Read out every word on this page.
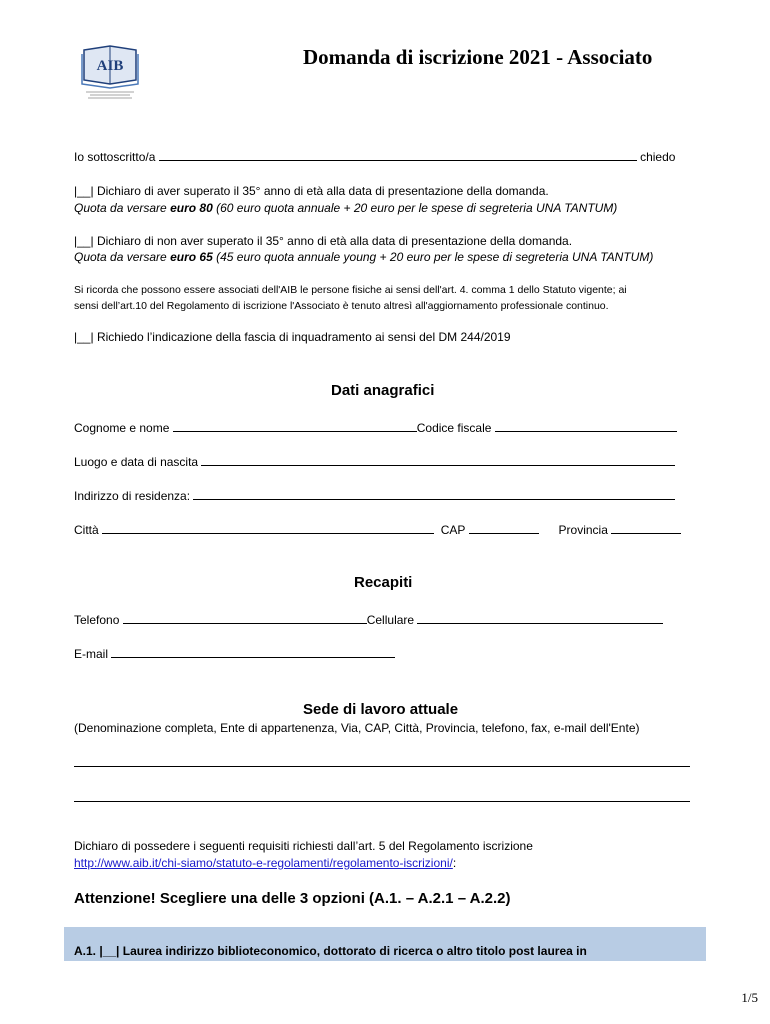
AIB	Domanda di iscrizione 2021 - Associato
Io sottoscritto/a	chiedo
|__| Dichiaro di aver superato il 35° anno di età alla data di presentazione della domanda.
Quota da versare euro 80 (60 euro quota annuale + 20 euro per le spese di segreteria UNA TANTUM)
|__| Dichiaro di non aver superato il 35° anno di età alla data di presentazione della domanda.
Quota da versare euro 65 (45 euro quota annuale young + 20 euro per le spese di segreteria UNA TANTUM)
Si ricorda che possono essere associati dell'AIB le persone fisiche ai sensi dell'art. 4. comma 1 dello Statuto vigente; ai
sensi dell’art.10 del Regolamento di iscrizione l'Associato è tenuto altresì all'aggiornamento professionale continuo.
|__| Richiedo l’indicazione della fascia di inquadramento ai sensi del DM 244/2019
Dati anagrafici
Cognome e nome	Codice fiscale
Luogo e data di nascita
Indirizzo di residenza:
Città	CAP	Provincia
Recapiti
Telefono	Cellulare
E-mail
Sede di lavoro attuale
(Denominazione completa, Ente di appartenenza, Via, CAP, Città, Provincia, telefono, fax, e-mail dell'Ente)
Dichiaro di possedere i seguenti requisiti richiesti dall’art. 5 del Regolamento iscrizione
http://www.aib.it/chi-siamo/statuto-e-regolamenti/regolamento-iscrizioni/:
Attenzione! Scegliere una delle 3 opzioni (A.1. – A.2.1 – A.2.2)
A.1. |__| Laurea indirizzo biblioteconomico, dottorato di ricerca o altro titolo post laurea in
1/5
